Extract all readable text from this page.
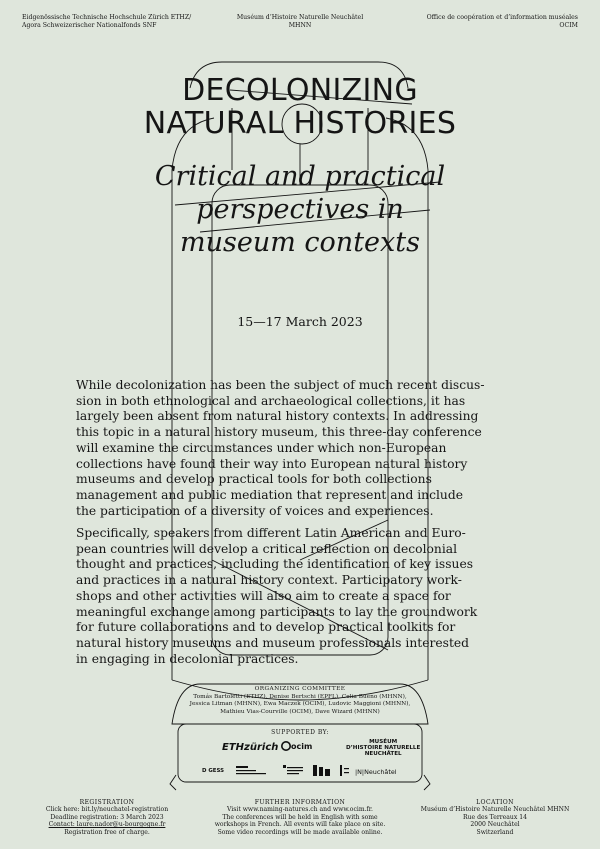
Eidgenössische Technische Hochschule Zürich ETHZ/
Agora Schweizerischer Nationalfonds SNF
Muséum d’Histoire Naturelle Neuchâtel
MHNN
Office de coopération et d’information muséales
OCIM
DECOLONIZING
NATURAL HISTORIES
Critical and practical
perspectives in
museum contexts
15—17 March 2023
While decolonization has been the subject of much recent discus-
sion in both ethnological and archaeological collections, it has
largely been absent from natural history contexts. In addressing
this topic in a natural history museum, this three-day conference
will examine the circumstances under which non-European
collections have found their way into European natural history
museums and develop practical tools for both collections
management and public mediation that represent and include
the participation of a diversity of voices and experiences.
Specifically, speakers from different Latin American and Euro-
pean countries will develop a critical reflection on decolonial
thought and practices, including the identification of key issues
and practices in a natural history context. Participatory work-
shops and other activities will also aim to create a space for
meaningful exchange among participants to lay the groundwork
for future collaborations and to develop practical toolkits for
natural history museums and museum professionals interested
in engaging in decolonial practices.
ORGANIZING COMMITTEE
Tomás Bartoletti (ETHZ), Denise Bertschi (EPFL), Celia Bueno (MHNN),
Jessica Litman (MHNN), Ewa Maczek (OCIM), Ludovic Maggioni (MHNN),
Mathieu Vias-Courville (OCIM), Dave Wizard (MHNN)
SUPPORTED BY:
ETHzürich ocim	MUSÉUM
D’HISTOIRE NATURELLE
NEUCHÂTEL
D GESS	|N|Neuchâtel
REGISTRATION
Click here: bit.ly/neuchatel-registration
Deadline registration: 3 March 2023
Contact: laure.nador@u-bourgogne.fr
Registration free of charge.
FURTHER INFORMATION
Visit www.naming-natures.ch and www.ocim.fr.
The conferences will be held in English with some
workshops in French. All events will take place on site.
Some video recordings will be made available online.
LOCATION
Muséum d’Histoire Naturelle Neuchâtel MHNN
Rue des Terreaux 14
2000 Neuchâtel
Switzerland
